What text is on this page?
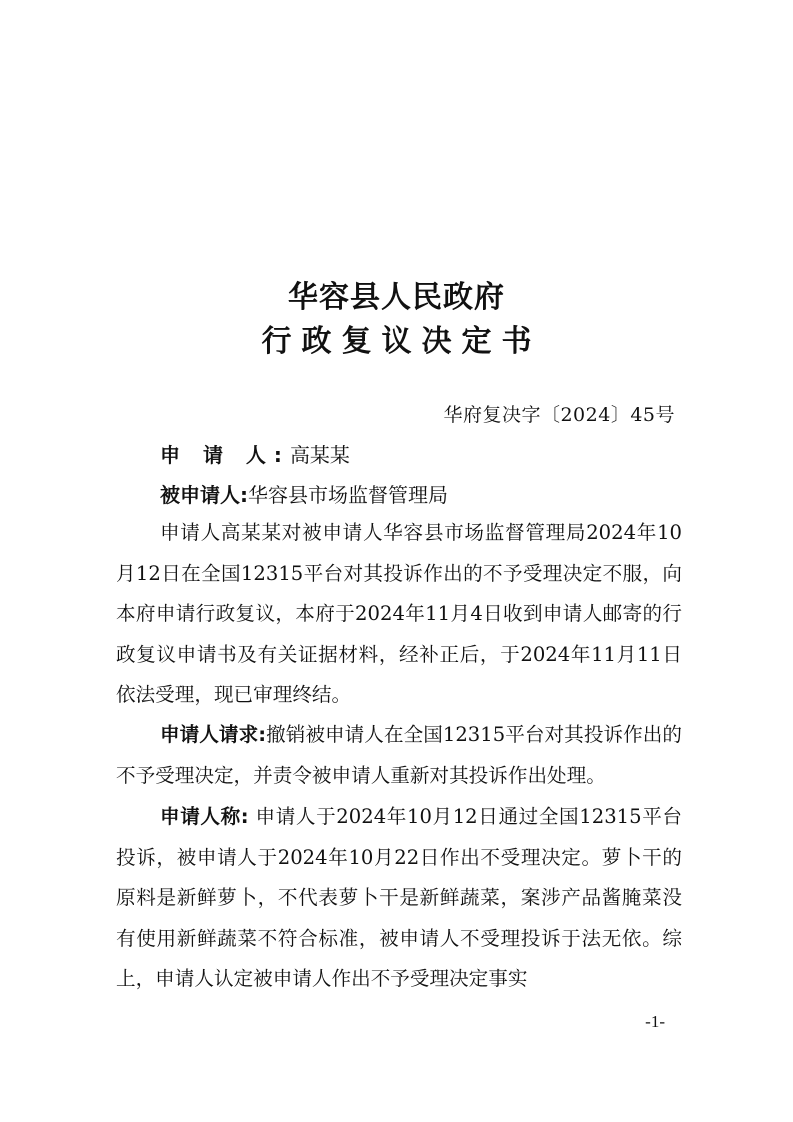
华容县人民政府
行政复议决定书
华府复决字〔2024〕45号
申 请 人:高某某
被申请人:华容县市场监督管理局

申请人高某某对被申请人华容县市场监督管理局2024年10月12日在全国12315平台对其投诉作出的不予受理决定不服，向本府申请行政复议，本府于2024年11月4日收到申请人邮寄的行政复议申请书及有关证据材料，经补正后，于2024年11月11日依法受理，现已审理终结。

申请人请求:撤销被申请人在全国12315平台对其投诉作出的不予受理决定，并责令被申请人重新对其投诉作出处理。

申请人称: 申请人于2024年10月12日通过全国12315平台投诉，被申请人于2024年10月22日作出不受理决定。萝卜干的原料是新鲜萝卜，不代表萝卜干是新鲜蔬菜，案涉产品酱腌菜没有使用新鲜蔬菜不符合标准，被申请人不受理投诉于法无依。综上，申请人认定被申请人作出不予受理决定事实

-1-
